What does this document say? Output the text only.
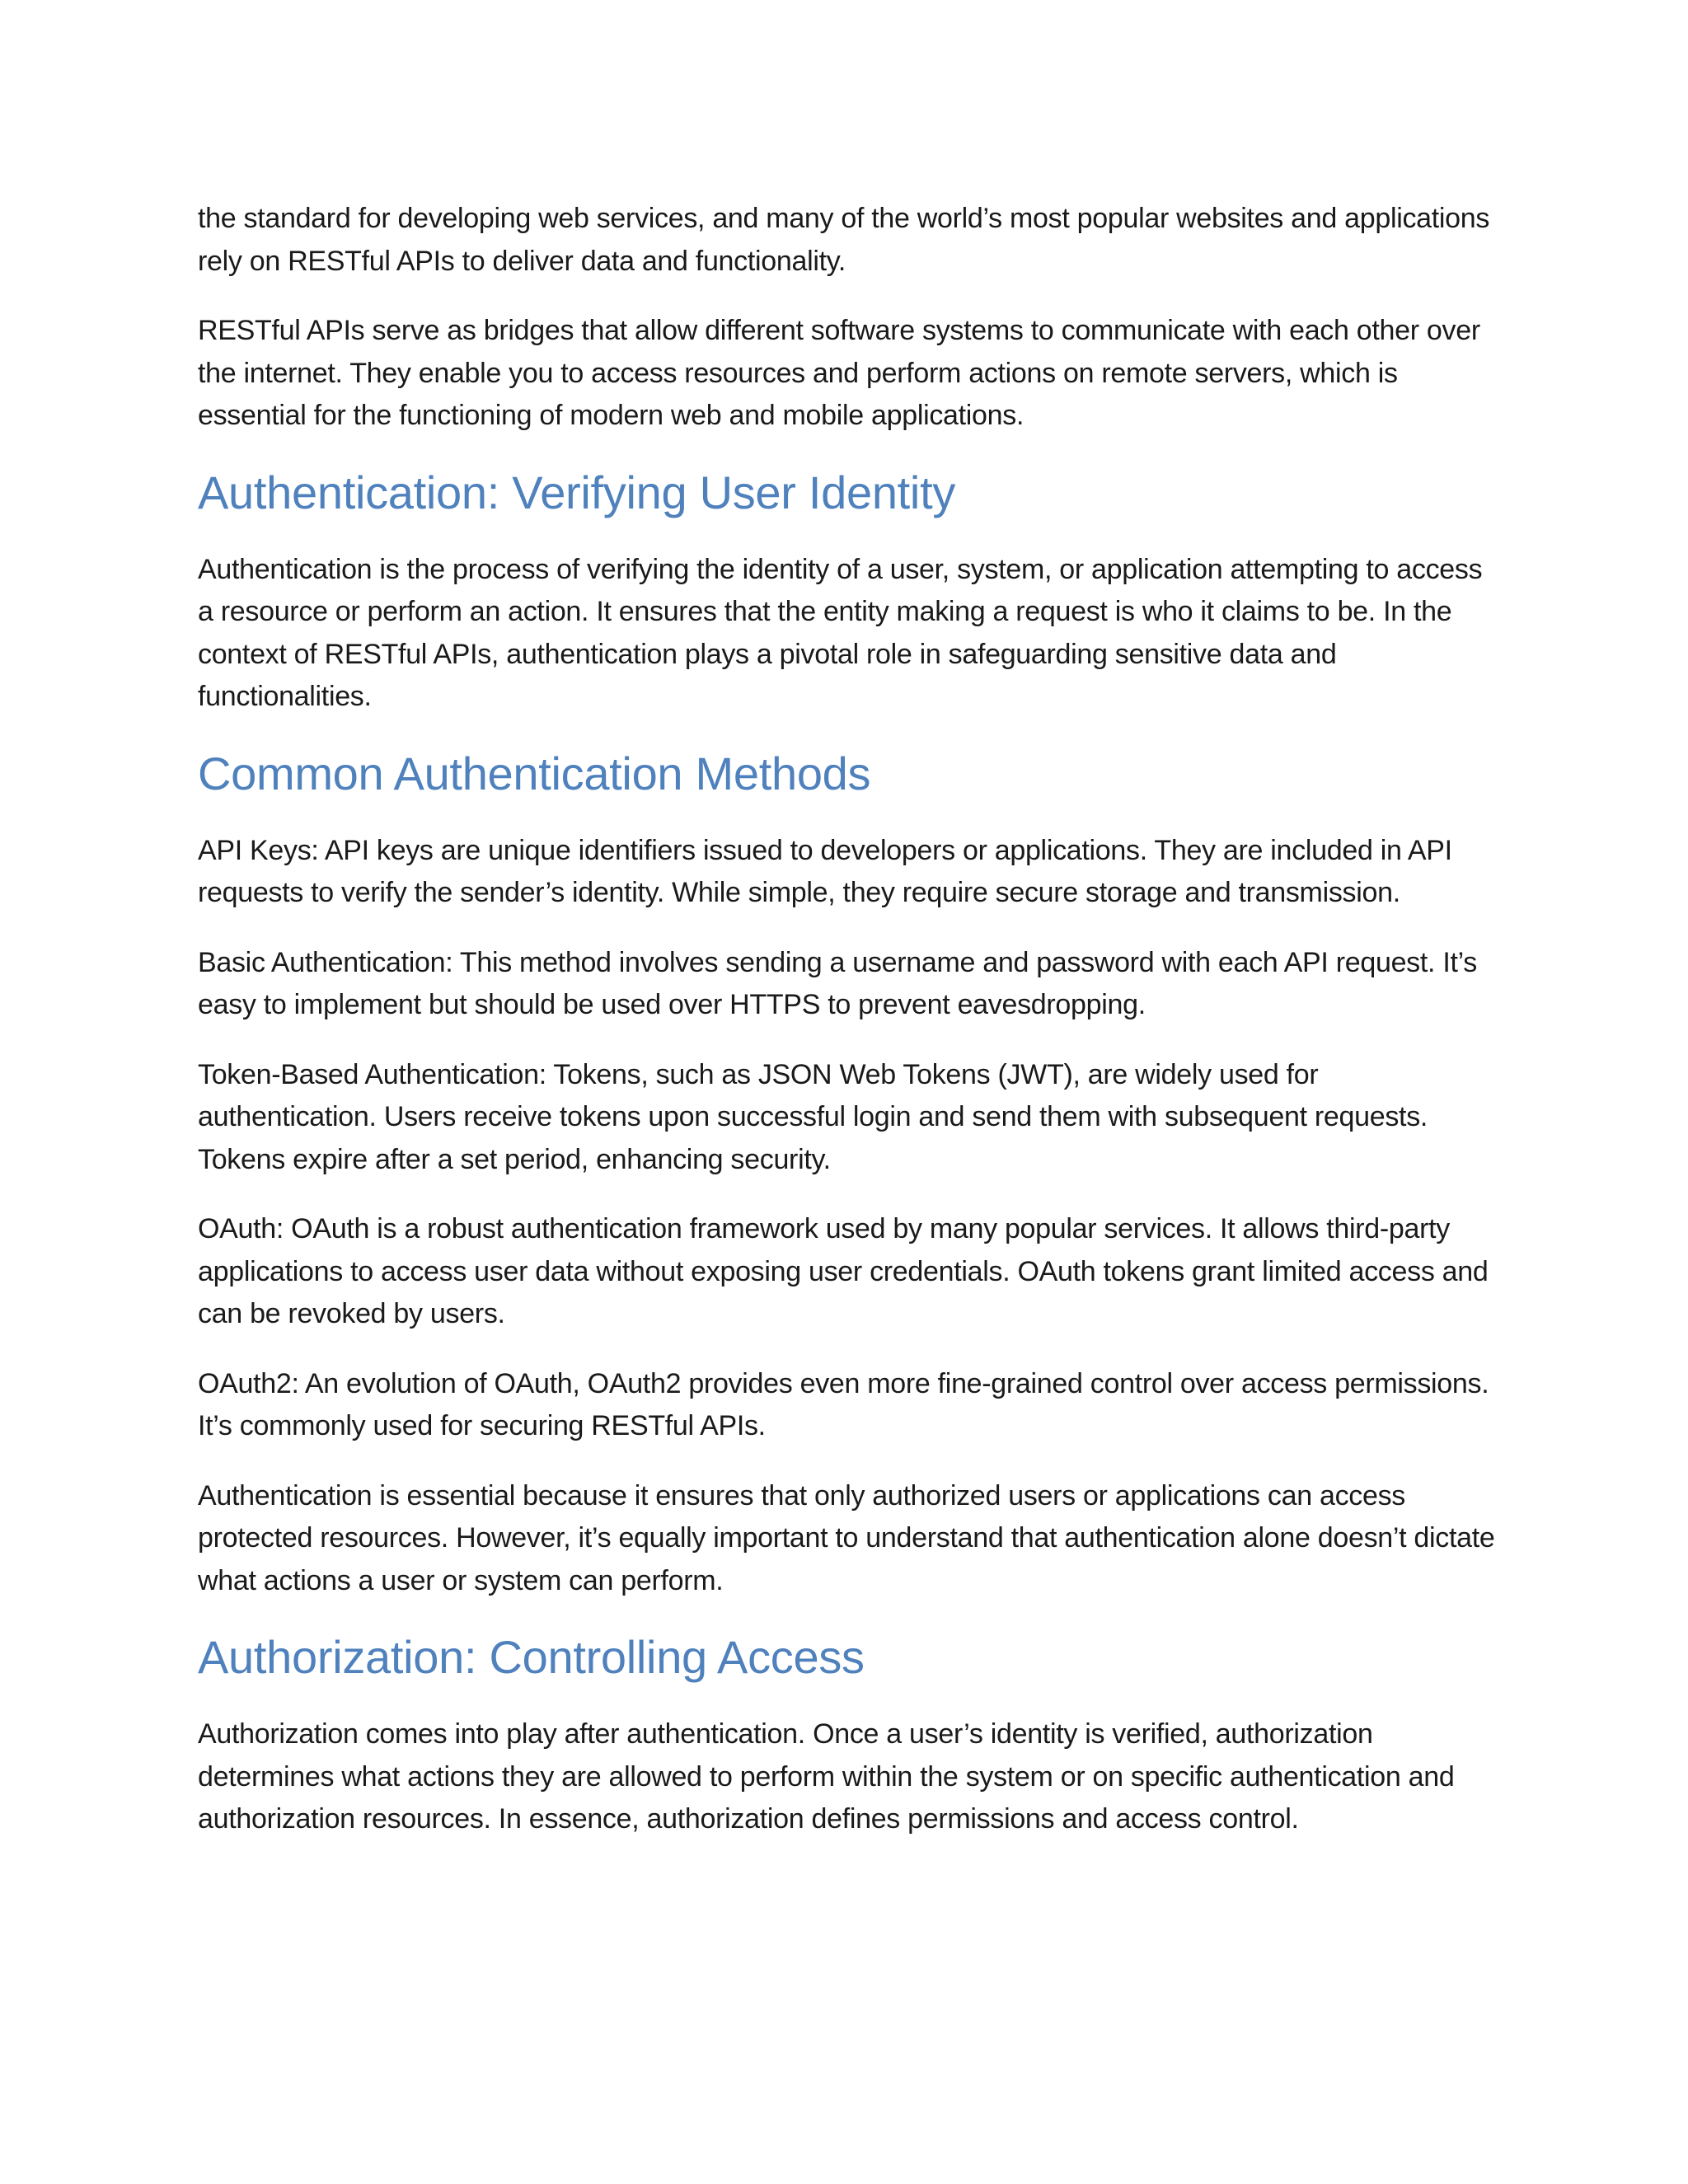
the standard for developing web services, and many of the world’s most popular websites and applications rely on RESTful APIs to deliver data and functionality.

RESTful APIs serve as bridges that allow different software systems to communicate with each other over the internet. They enable you to access resources and perform actions on remote servers, which is essential for the functioning of modern web and mobile applications.

Authentication: Verifying User Identity

Authentication is the process of verifying the identity of a user, system, or application attempting to access a resource or perform an action. It ensures that the entity making a request is who it claims to be. In the context of RESTful APIs, authentication plays a pivotal role in safeguarding sensitive data and functionalities.

Common Authentication Methods

API Keys: API keys are unique identifiers issued to developers or applications. They are included in API requests to verify the sender’s identity. While simple, they require secure storage and transmission.

Basic Authentication: This method involves sending a username and password with each API request. It’s easy to implement but should be used over HTTPS to prevent eavesdropping.

Token-Based Authentication: Tokens, such as JSON Web Tokens (JWT), are widely used for authentication. Users receive tokens upon successful login and send them with subsequent requests. Tokens expire after a set period, enhancing security.

OAuth: OAuth is a robust authentication framework used by many popular services. It allows third-party applications to access user data without exposing user credentials. OAuth tokens grant limited access and can be revoked by users.

OAuth2: An evolution of OAuth, OAuth2 provides even more fine-grained control over access permissions. It’s commonly used for securing RESTful APIs.

Authentication is essential because it ensures that only authorized users or applications can access protected resources. However, it’s equally important to understand that authentication alone doesn’t dictate what actions a user or system can perform.

Authorization: Controlling Access

Authorization comes into play after authentication. Once a user’s identity is verified, authorization determines what actions they are allowed to perform within the system or on specific authentication and authorization resources. In essence, authorization defines permissions and access control.
